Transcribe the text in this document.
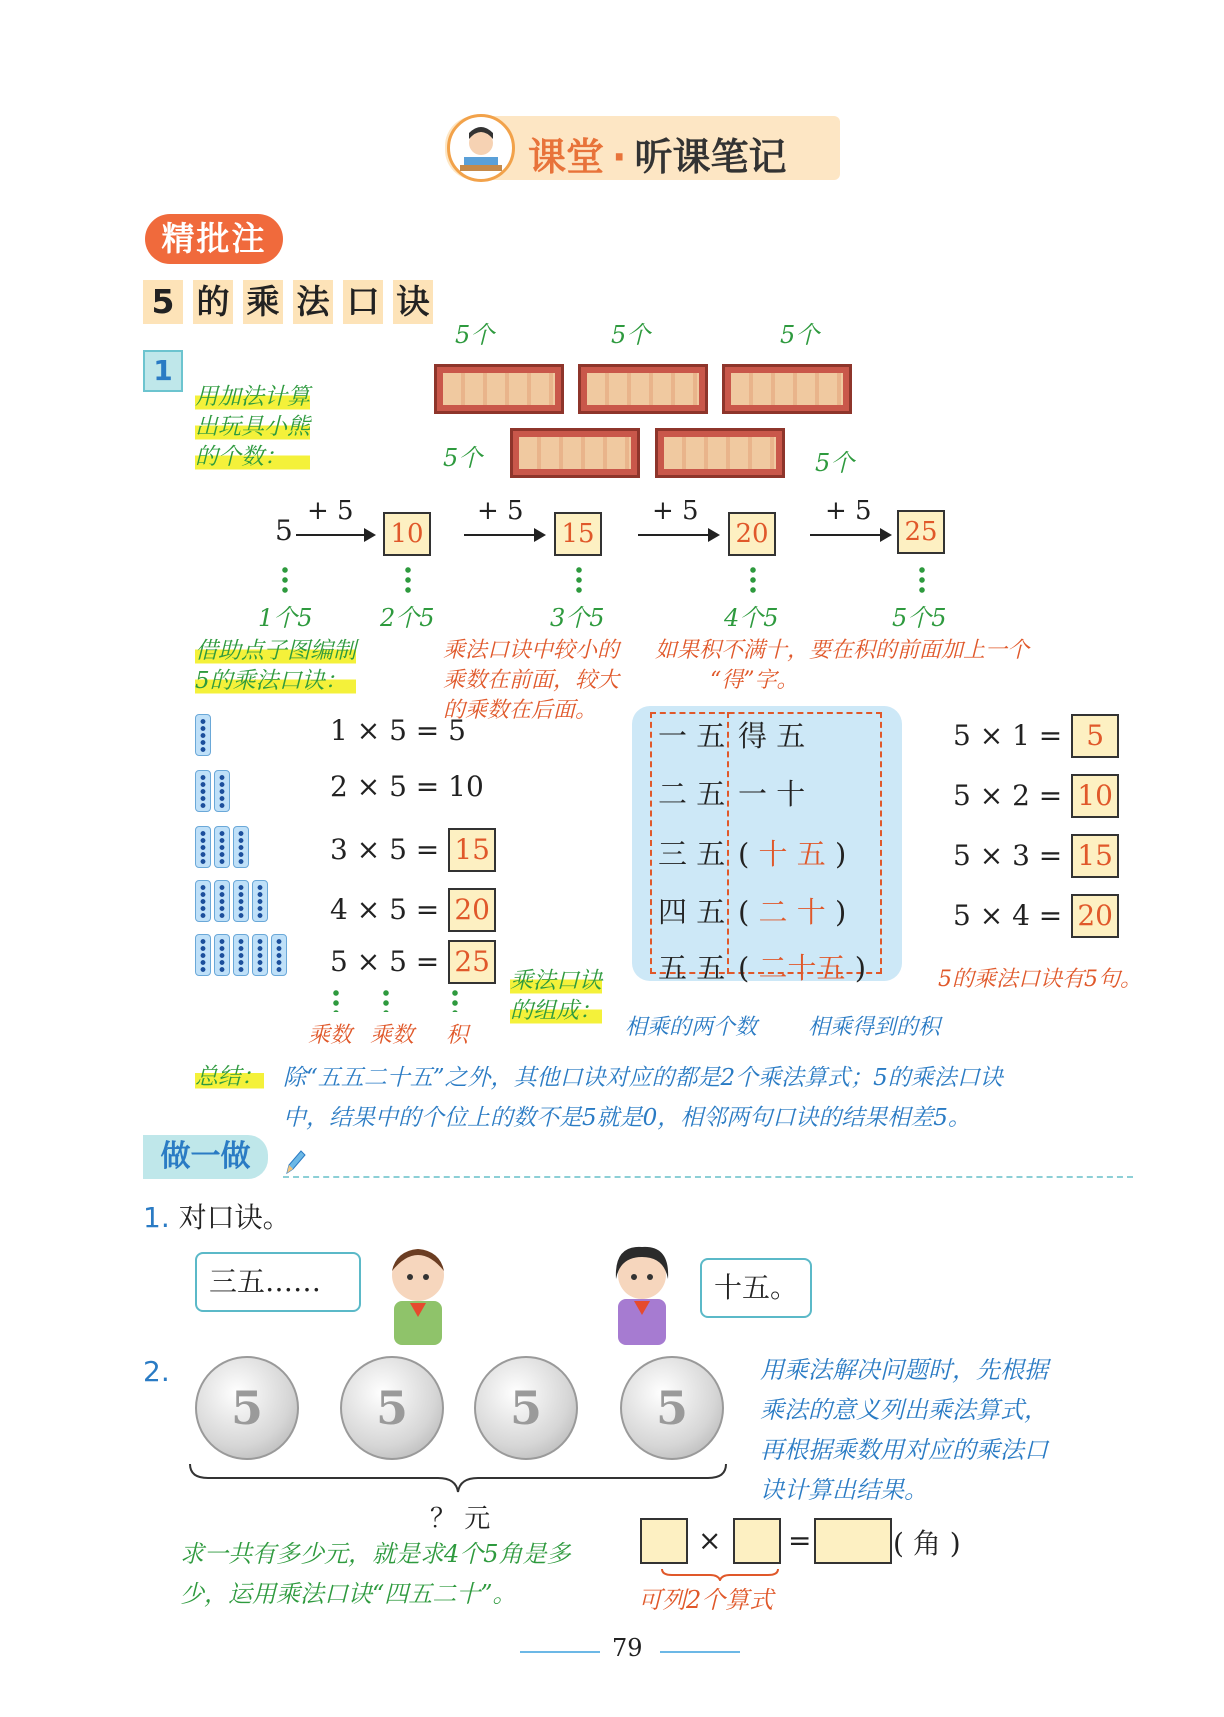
课堂 · 听课笔记
精批注
5 的 乘 法 口 诀
1
5个	5个	5个
5个	5个
用加法计算
出玩具小熊
的个数：
5
+ 5
10
+ 5
15
+ 5
20
+ 5
25
1个5	2个5	3个5	4个5	5个5
借助点子图编制
5的乘法口诀：
乘法口诀中较小的
乘数在前面，较大
的乘数在后面。
如果积不满十，要在积的前面加上一个
“得”字。
1 × 5 = 5
2 × 5 = 10
3 × 5 = 15
4 × 5 = 20
5 × 5 = 25
一 五 得 五
二 五 一 十
三 五 ( 十 五 )
四 五 ( 二 十 )
五 五 ( 二十五 )
5 × 1 = 5
5 × 2 = 10
5 × 3 = 15
5 × 4 = 20
5的乘法口诀有5句。
乘数 乘数 积
乘法口诀
的组成：
相乘的两个数 相乘得到的积
总结： 除“五五二十五”之外，其他口诀对应的都是2个乘法算式；5的乘法口诀
中，结果中的个位上的数不是5就是0，相邻两句口诀的结果相差5。
做一做
1. 对口诀。
三五……	十五。
2.
5	5	5	5
？ 元
用乘法解决问题时，先根据
乘法的意义列出乘法算式，
再根据乘数用对应的乘法口
诀计算出结果。
求一共有多少元，就是求4个5角是多
少，运用乘法口诀“四五二十”。
× =	( 角 )
可列2个算式
79
